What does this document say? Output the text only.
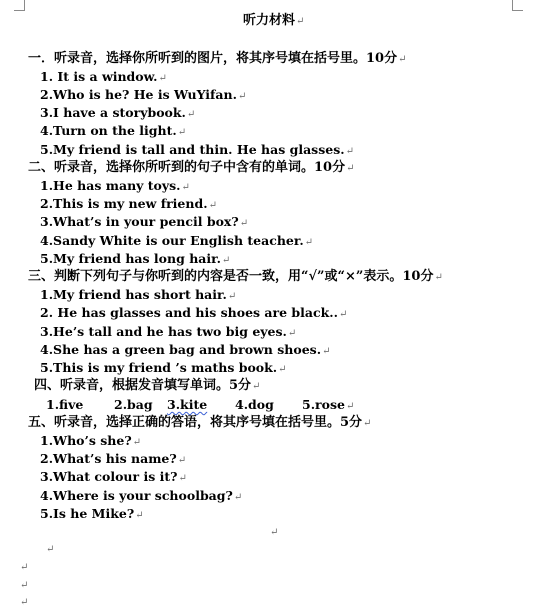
听力材料↵
一．听录音，选择你所听到的图片，将其序号填在括号里。10分↵
1. It is a window.↵
2.Who is he? He is WuYifan.↵
3.I have a storybook.↵
4.Turn on the light.↵
5.My friend is tall and thin. He has glasses.↵
二、听录音，选择你所听到的句子中含有的单词。10分↵
1.He has many toys.↵
2.This is my new friend.↵
3.What’s in your pencil box?↵
4.Sandy White is our English teacher.↵
5.My friend has long hair.↵
三、判断下列句子与你听到的内容是否一致，用“√”或“×”表示。10分↵
1.My friend has short hair.↵
2. He has glasses and his shoes are black..↵
3.He’s tall and he has two big eyes.↵
4.She has a green bag and brown shoes.↵
5.This is my friend ’s maths book.↵
四、听录音，根据发音填写单词。5分↵
1.five 2.bag 3.kite 4.dog 5.rose↵
五、听录音，选择正确的答语，将其序号填在括号里。5分↵
1.Who’s she?↵
2.What’s his name?↵
3.What colour is it?↵
4.Where is your schoolbag?↵
5.Is he Mike?↵
↵
↵
↵
↵
↵
